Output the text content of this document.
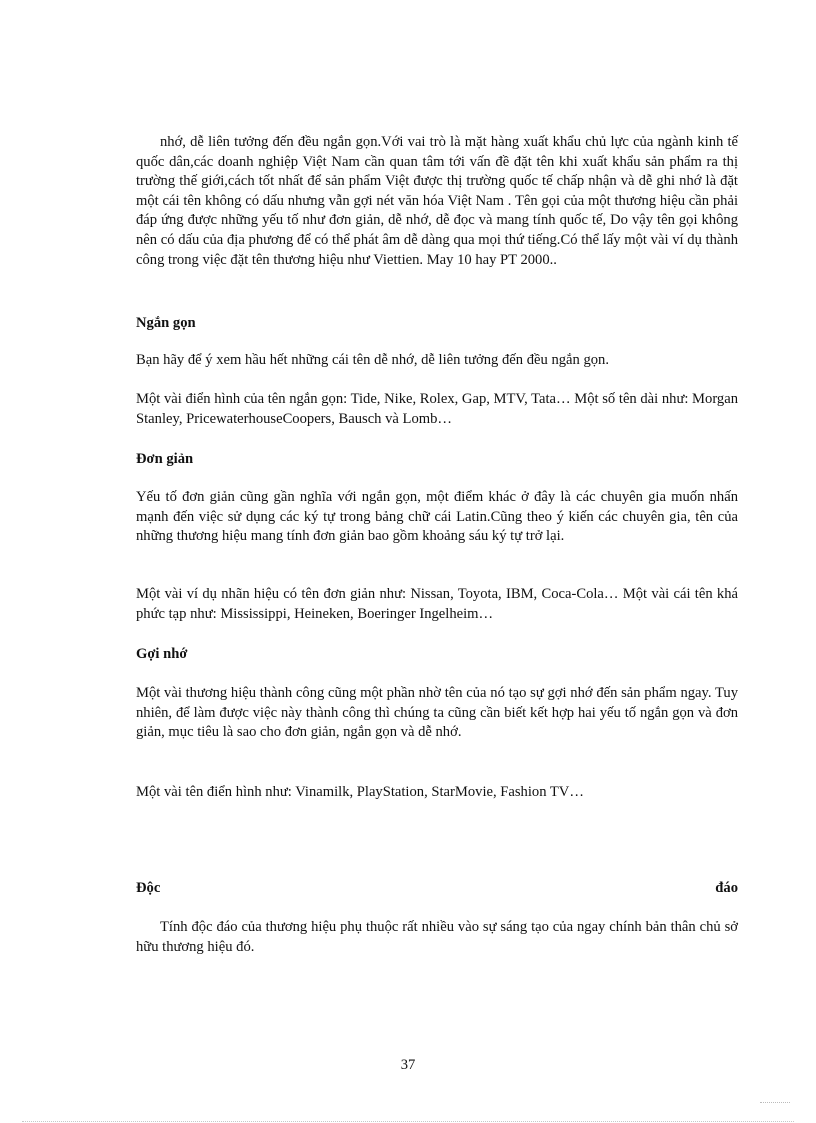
nhớ, dễ liên tưởng đến đều ngắn gọn.Với vai trò là mặt hàng xuất khẩu chủ lực của ngành kinh tế quốc dân,các doanh nghiệp Việt Nam cần quan tâm tới vấn đề đặt tên khi xuất khẩu sản phẩm ra thị trường thế giới,cách tốt nhất để sản phẩm Việt được thị trường quốc tế chấp nhận và dễ ghi nhớ là đặt một cái tên không có dấu nhưng vẫn gợi nét văn hóa Việt Nam . Tên gọi của một thương hiệu cần phải đáp ứng được những yếu tố như đơn giản, dễ nhớ, dễ đọc và mang tính quốc tế, Do vậy tên gọi không nên có dấu của địa phương để có thể phát âm dễ dàng qua mọi thứ tiếng.Có thể lấy một vài ví dụ thành công trong việc đặt tên thương hiệu như Viettien. May 10 hay PT 2000..

Ngắn gọn

Bạn hãy để ý xem hầu hết những cái tên dễ nhớ, dễ liên tưởng đến đều ngắn gọn.

Một vài điển hình của tên ngắn gọn: Tide, Nike, Rolex, Gap, MTV, Tata… Một số tên dài như: Morgan Stanley, PricewaterhouseCoopers, Bausch và Lomb…

Đơn giản

Yếu tố đơn giản cũng gần nghĩa với ngắn gọn, một điểm khác ở đây là các chuyên gia muốn nhấn mạnh đến việc sử dụng các ký tự trong bảng chữ cái Latin.Cũng theo ý kiến các chuyên gia, tên của những thương hiệu mang tính đơn giản bao gồm khoảng sáu ký tự trở lại.

Một vài ví dụ nhãn hiệu có tên đơn giản như: Nissan, Toyota, IBM, Coca-Cola… Một vài cái tên khá phức tạp như: Mississippi, Heineken, Boeringer Ingelheim…

Gợi nhớ

Một vài thương hiệu thành công cũng một phần nhờ tên của nó tạo sự gợi nhớ đến sản phẩm ngay. Tuy nhiên, để làm được việc này thành công thì chúng ta cũng cần biết kết hợp hai yếu tố ngắn gọn và đơn giản, mục tiêu là sao cho đơn giản, ngắn gọn và dễ nhớ.

Một vài tên điển hình như: Vinamilk, PlayStation, StarMovie, Fashion TV…

Độc	đáo

Tính độc đáo của thương hiệu phụ thuộc rất nhiều vào sự sáng tạo của ngay chính bản thân chủ sở hữu thương hiệu đó.

37
